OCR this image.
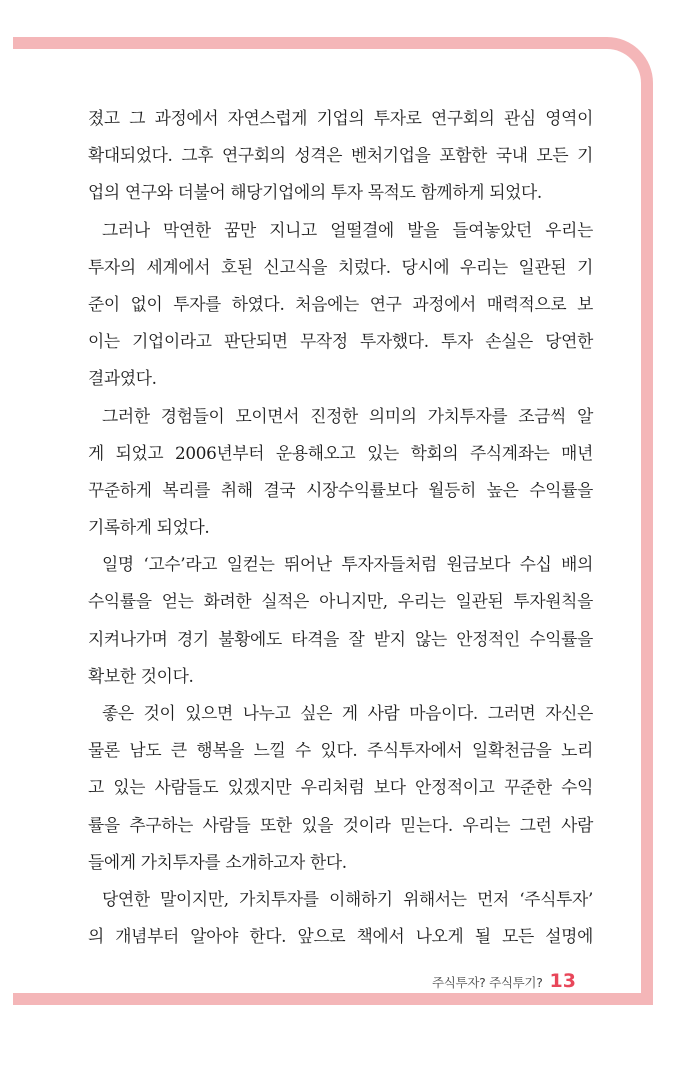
졌고 그 과정에서 자연스럽게 기업의 투자로 연구회의 관심 영역이
확대되었다. 그후 연구회의 성격은 벤처기업을 포함한 국내 모든 기
업의 연구와 더불어 해당기업에의 투자 목적도 함께하게 되었다.
그러나 막연한 꿈만 지니고 얼떨결에 발을 들여놓았던 우리는
투자의 세계에서 호된 신고식을 치렀다. 당시에 우리는 일관된 기
준이 없이 투자를 하였다. 처음에는 연구 과정에서 매력적으로 보
이는 기업이라고 판단되면 무작정 투자했다. 투자 손실은 당연한
결과였다.
그러한 경험들이 모이면서 진정한 의미의 가치투자를 조금씩 알
게 되었고 2006년부터 운용해오고 있는 학회의 주식계좌는 매년
꾸준하게 복리를 취해 결국 시장수익률보다 월등히 높은 수익률을
기록하게 되었다.
일명 ‘고수’라고 일컫는 뛰어난 투자자들처럼 원금보다 수십 배의
수익률을 얻는 화려한 실적은 아니지만, 우리는 일관된 투자원칙을
지켜나가며 경기 불황에도 타격을 잘 받지 않는 안정적인 수익률을
확보한 것이다.
좋은 것이 있으면 나누고 싶은 게 사람 마음이다. 그러면 자신은
물론 남도 큰 행복을 느낄 수 있다. 주식투자에서 일확천금을 노리
고 있는 사람들도 있겠지만 우리처럼 보다 안정적이고 꾸준한 수익
률을 추구하는 사람들 또한 있을 것이라 믿는다. 우리는 그런 사람
들에게 가치투자를 소개하고자 한다.
당연한 말이지만, 가치투자를 이해하기 위해서는 먼저 ‘주식투자’
의 개념부터 알아야 한다. 앞으로 책에서 나오게 될 모든 설명에
주식투자? 주식투기? 13
